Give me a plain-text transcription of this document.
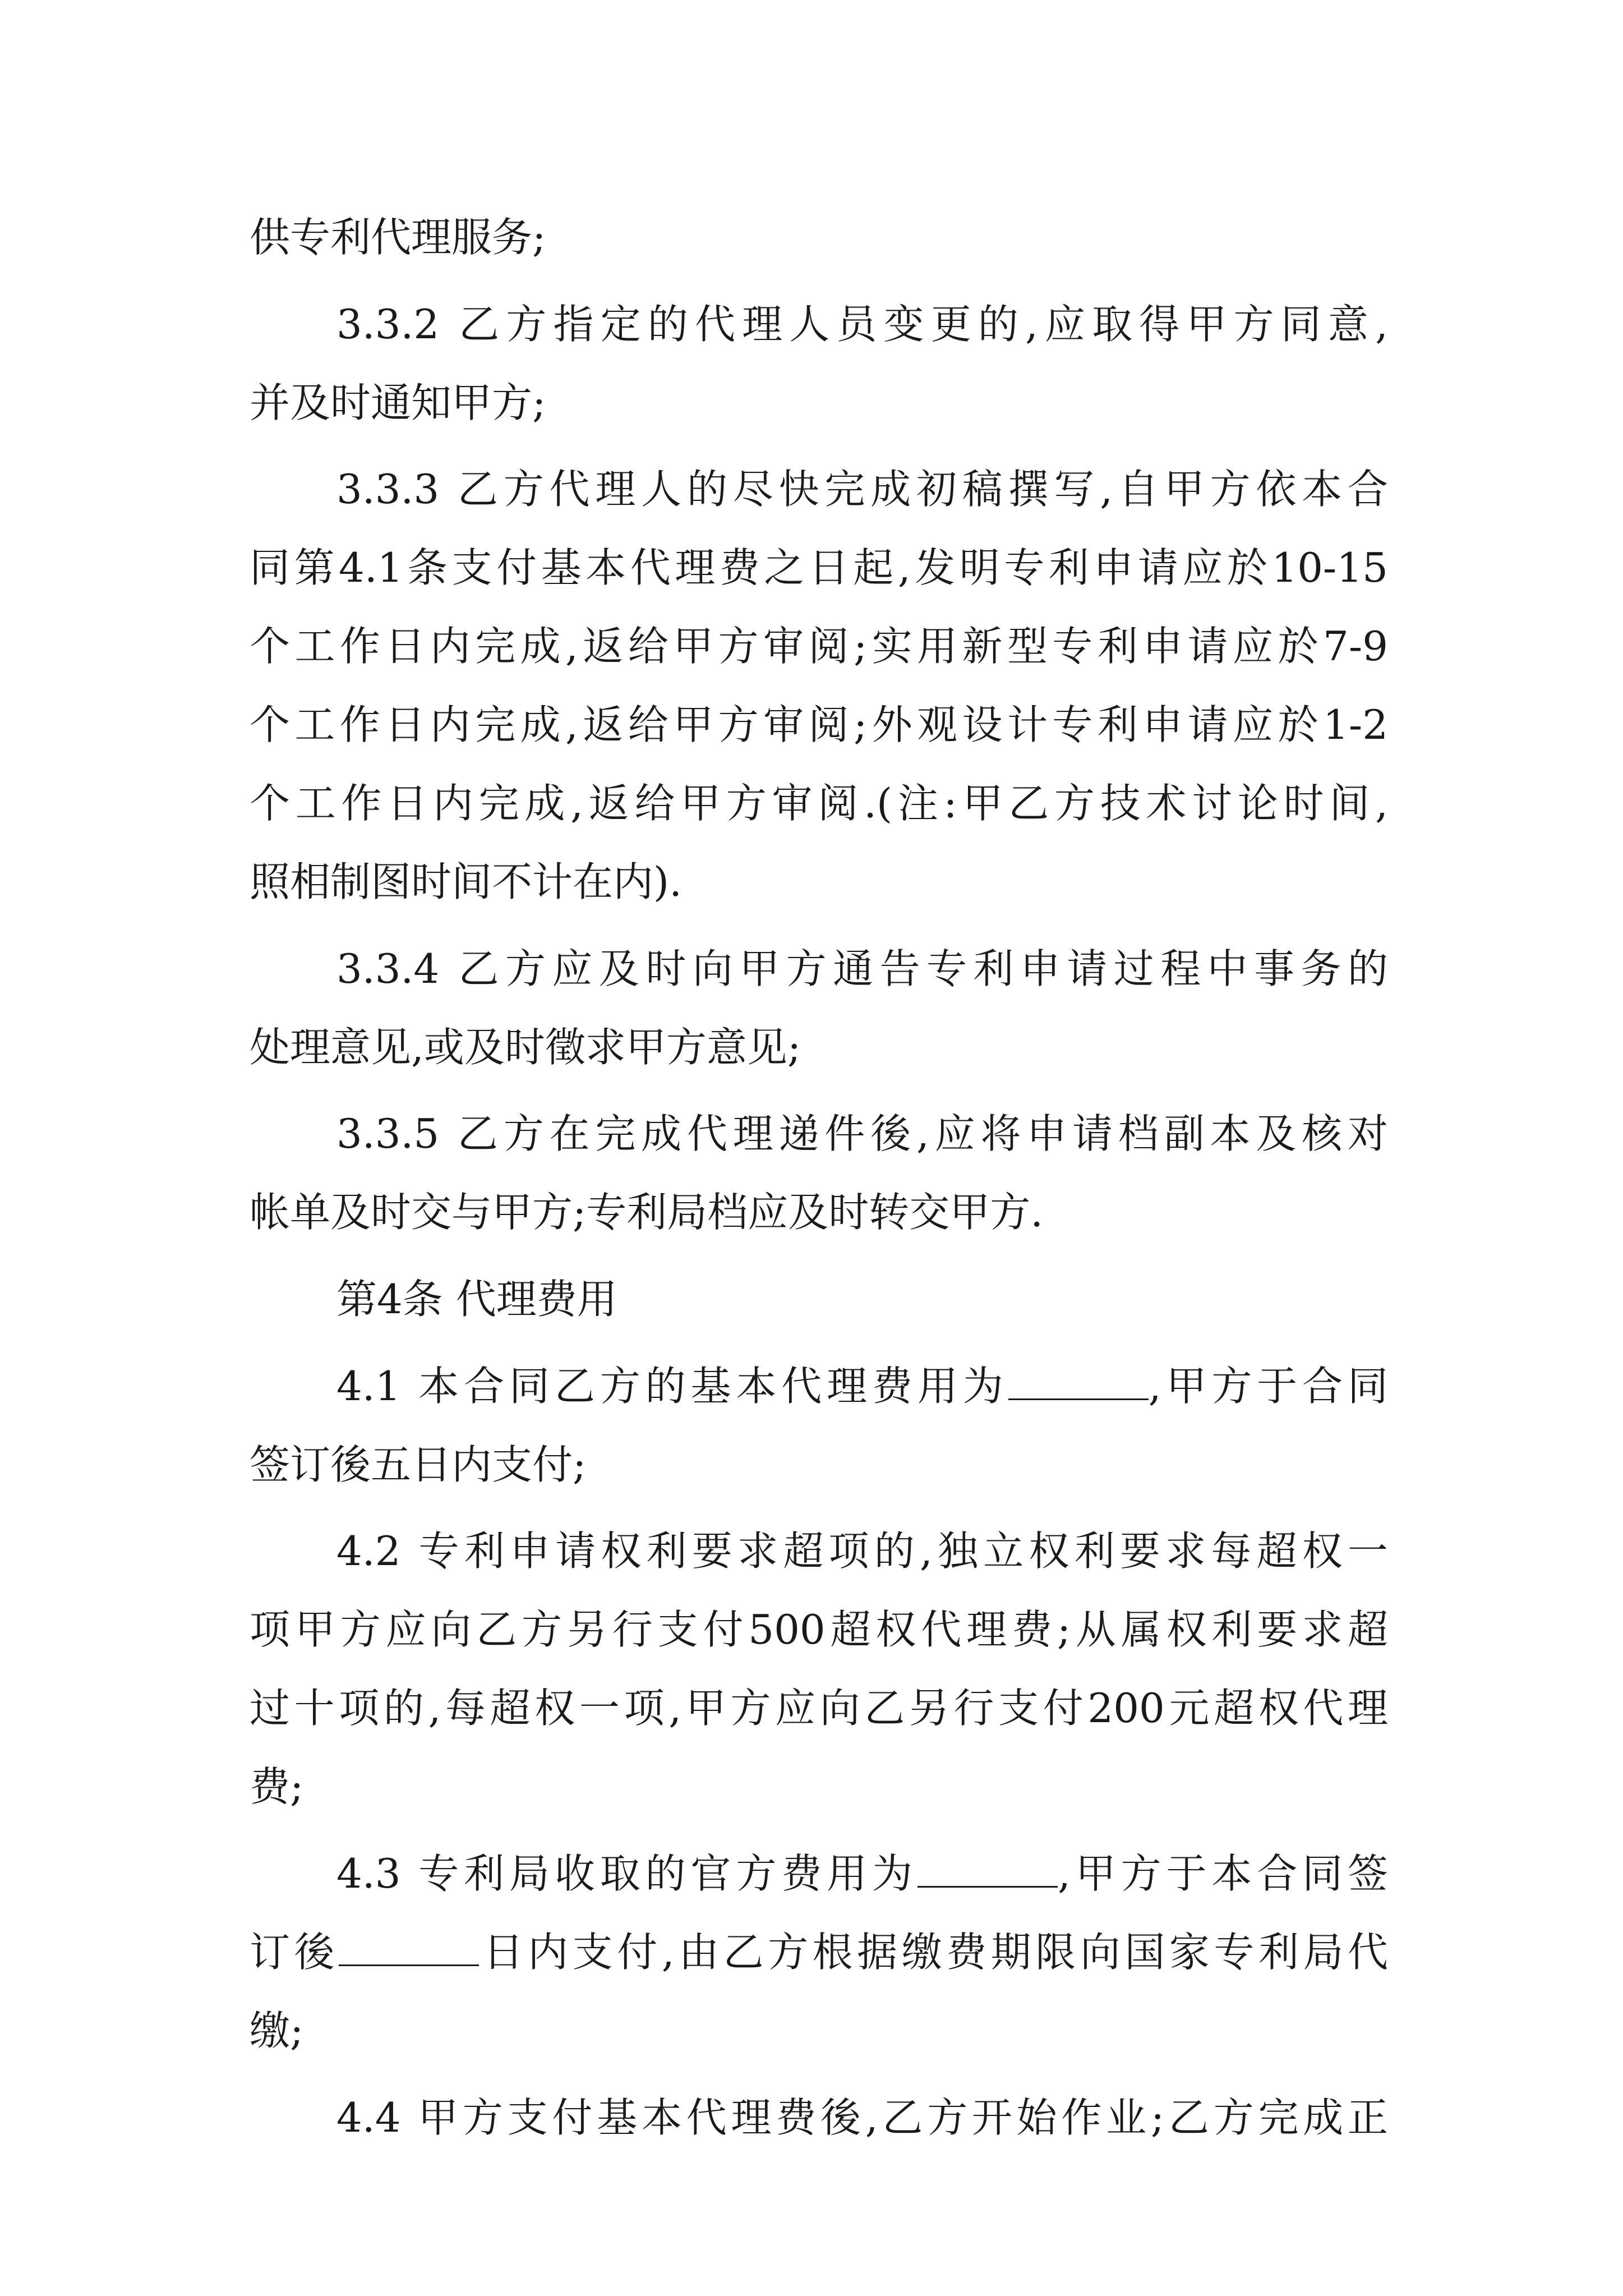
供专利代理服务;
3.3.2 乙方指定的代理人员变更的,应取得甲方同意,
并及时通知甲方;
3.3.3 乙方代理人的尽快完成初稿撰写,自甲方依本合
同第4.1条支付基本代理费之日起,发明专利申请应於10-15
个工作日内完成,返给甲方审阅;实用新型专利申请应於7-9
个工作日内完成,返给甲方审阅;外观设计专利申请应於1-2
个工作日内完成,返给甲方审阅.(注:甲乙方技术讨论时间,
照相制图时间不计在内).
3.3.4 乙方应及时向甲方通告专利申请过程中事务的
处理意见,或及时徵求甲方意见;
3.3.5 乙方在完成代理递件後,应将申请档副本及核对
帐单及时交与甲方;专利局档应及时转交甲方.
第4条 代理费用
4.1 本合同乙方的基本代理费用为	,甲方于合同
签订後五日内支付;
4.2 专利申请权利要求超项的,独立权利要求每超权一
项甲方应向乙方另行支付500超权代理费;从属权利要求超
过十项的,每超权一项,甲方应向乙另行支付200元超权代理
费;
4.3 专利局收取的官方费用为	,甲方于本合同签
订後	日内支付,由乙方根据缴费期限向国家专利局代
缴;
4.4 甲方支付基本代理费後,乙方开始作业;乙方完成正
